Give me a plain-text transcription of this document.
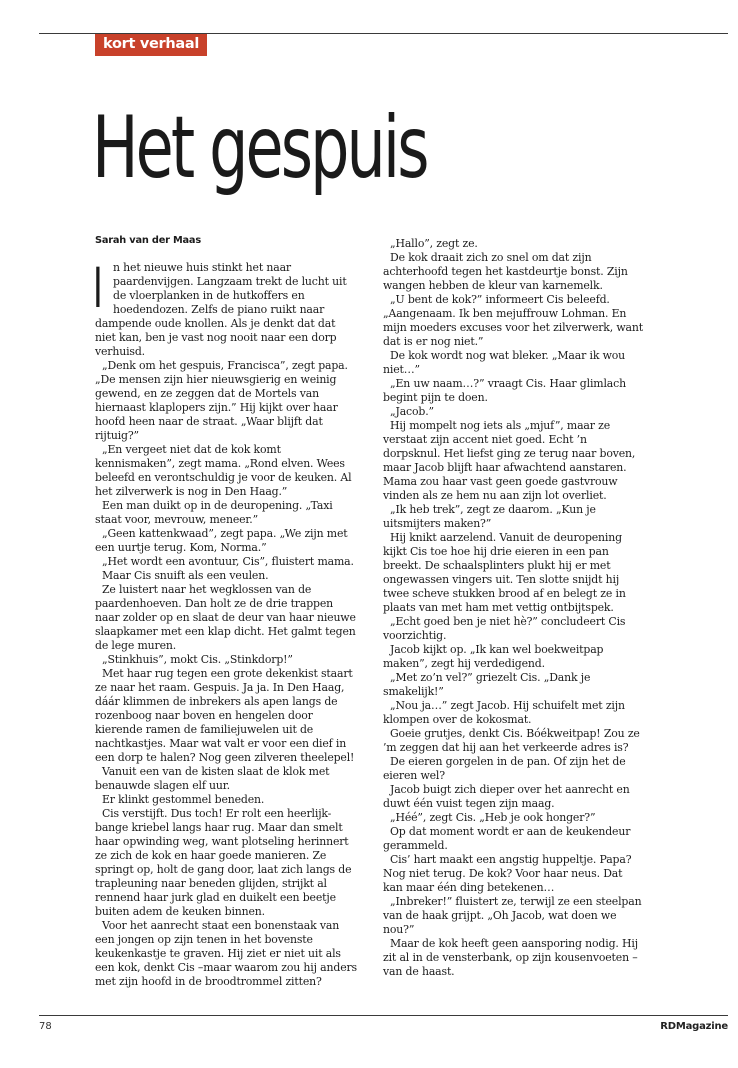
kort verhaal
Het gespuis
Sarah van der Maas

In het nieuwe huis stinkt het naar paardenvijgen. Langzaam trekt de lucht uit de vloerplanken in de hutkoffers en hoedendozen. Zelfs de piano ruikt naar dampende oude knollen. Als je denkt dat dat niet kan, ben je vast nog nooit naar een dorp verhuisd.

„Denk om het gespuis, Francisca”, zegt papa. „De mensen zijn hier nieuwsgierig en weinig gewend, en ze zeggen dat de Mortels van hiernaast klaplopers zijn.” Hij kijkt over haar hoofd heen naar de straat. „Waar blijft dat rijtuig?”

„En vergeet niet dat de kok komt kennismaken”, zegt mama. „Rond elven. Wees beleefd en verontschuldig je voor de keuken. Al het zilverwerk is nog in Den Haag.”

Een man duikt op in de deuropening. „Taxi staat voor, mevrouw, meneer.”

„Geen kattenkwaad”, zegt papa. „We zijn met een uurtje terug. Kom, Norma.”

„Het wordt een avontuur, Cis”, fluistert mama.

Maar Cis snuift als een veulen.

Ze luistert naar het wegklossen van de paardenhoeven. Dan holt ze de drie trappen naar zolder op en slaat de deur van haar nieuwe slaapkamer met een klap dicht. Het galmt tegen de lege muren.

„Stinkhuis”, mokt Cis. „Stinkdorp!”

Met haar rug tegen een grote dekenkist staart ze naar het raam. Gespuis. Ja ja. In Den Haag, dáár klimmen de inbrekers als apen langs de rozenboog naar boven en hengelen door kierende ramen de familiejuwelen uit de nachtkastjes. Maar wat valt er voor een dief in een dorp te halen? Nog geen zilveren theelepel!

Vanuit een van de kisten slaat de klok met benauwde slagen elf uur.

Er klinkt gestommel beneden.

Cis verstijft. Dus toch! Er rolt een heerlijk-bange kriebel langs haar rug. Maar dan smelt haar opwinding weg, want plotseling herinnert ze zich de kok en haar goede manieren. Ze springt op, holt de gang door, laat zich langs de trapleuning naar beneden glijden, strijkt al rennend haar jurk glad en duikelt een beetje buiten adem de keuken binnen.

Voor het aanrecht staat een bonenstaak van een jongen op zijn tenen in het bovenste keukenkastje te graven. Hij ziet er niet uit als een kok, denkt Cis –maar waarom zou hij anders met zijn hoofd in de broodtrommel zitten?

„Hallo”, zegt ze.

De kok draait zich zo snel om dat zijn achterhoofd tegen het kastdeurtje bonst. Zijn wangen hebben de kleur van karnemelk.

„U bent de kok?” informeert Cis beleefd. „Aangenaam. Ik ben mejuffrouw Lohman. En mijn moeders excuses voor het zilverwerk, want dat is er nog niet.”

De kok wordt nog wat bleker. „Maar ik wou niet…”

„En uw naam…?” vraagt Cis. Haar glimlach begint pijn te doen.

„Jacob.”

Hij mompelt nog iets als „mjuf”, maar ze verstaat zijn accent niet goed. Echt ’n dorpsknul. Het liefst ging ze terug naar boven, maar Jacob blijft haar afwachtend aanstaren. Mama zou haar vast geen goede gastvrouw vinden als ze hem nu aan zijn lot overliet.

„Ik heb trek”, zegt ze daarom. „Kun je uitsmijters maken?”

Hij knikt aarzelend. Vanuit de deuropening kijkt Cis toe hoe hij drie eieren in een pan breekt. De schaalsplinters plukt hij er met ongewassen vingers uit. Ten slotte snijdt hij twee scheve stukken brood af en belegt ze in plaats van met ham met vettig ontbijtspek.

„Echt goed ben je niet hè?” concludeert Cis voorzichtig.

Jacob kijkt op. „Ik kan wel boekweitpap maken”, zegt hij verdedigend.

„Met zo’n vel?” griezelt Cis. „Dank je smakelijk!”

„Nou ja…” zegt Jacob. Hij schuifelt met zijn klompen over de kokosmat.

Goeie grutjes, denkt Cis. Bóékweitpap! Zou ze ’m zeggen dat hij aan het verkeerde adres is?

De eieren gorgelen in de pan. Of zijn het de eieren wel?

Jacob buigt zich dieper over het aanrecht en duwt één vuist tegen zijn maag.

„Héé”, zegt Cis. „Heb je ook honger?”

Op dat moment wordt er aan de keukendeur gerammeld.

Cis’ hart maakt een angstig huppeltje. Papa? Nog niet terug. De kok? Voor haar neus. Dat kan maar één ding betekenen…

„Inbreker!” fluistert ze, terwijl ze een steelpan van de haak grijpt. „Oh Jacob, wat doen we nou?”

Maar de kok heeft geen aansporing nodig. Hij zit al in de vensterbank, op zijn kousenvoeten – van de haast.

78	RDMagazine
